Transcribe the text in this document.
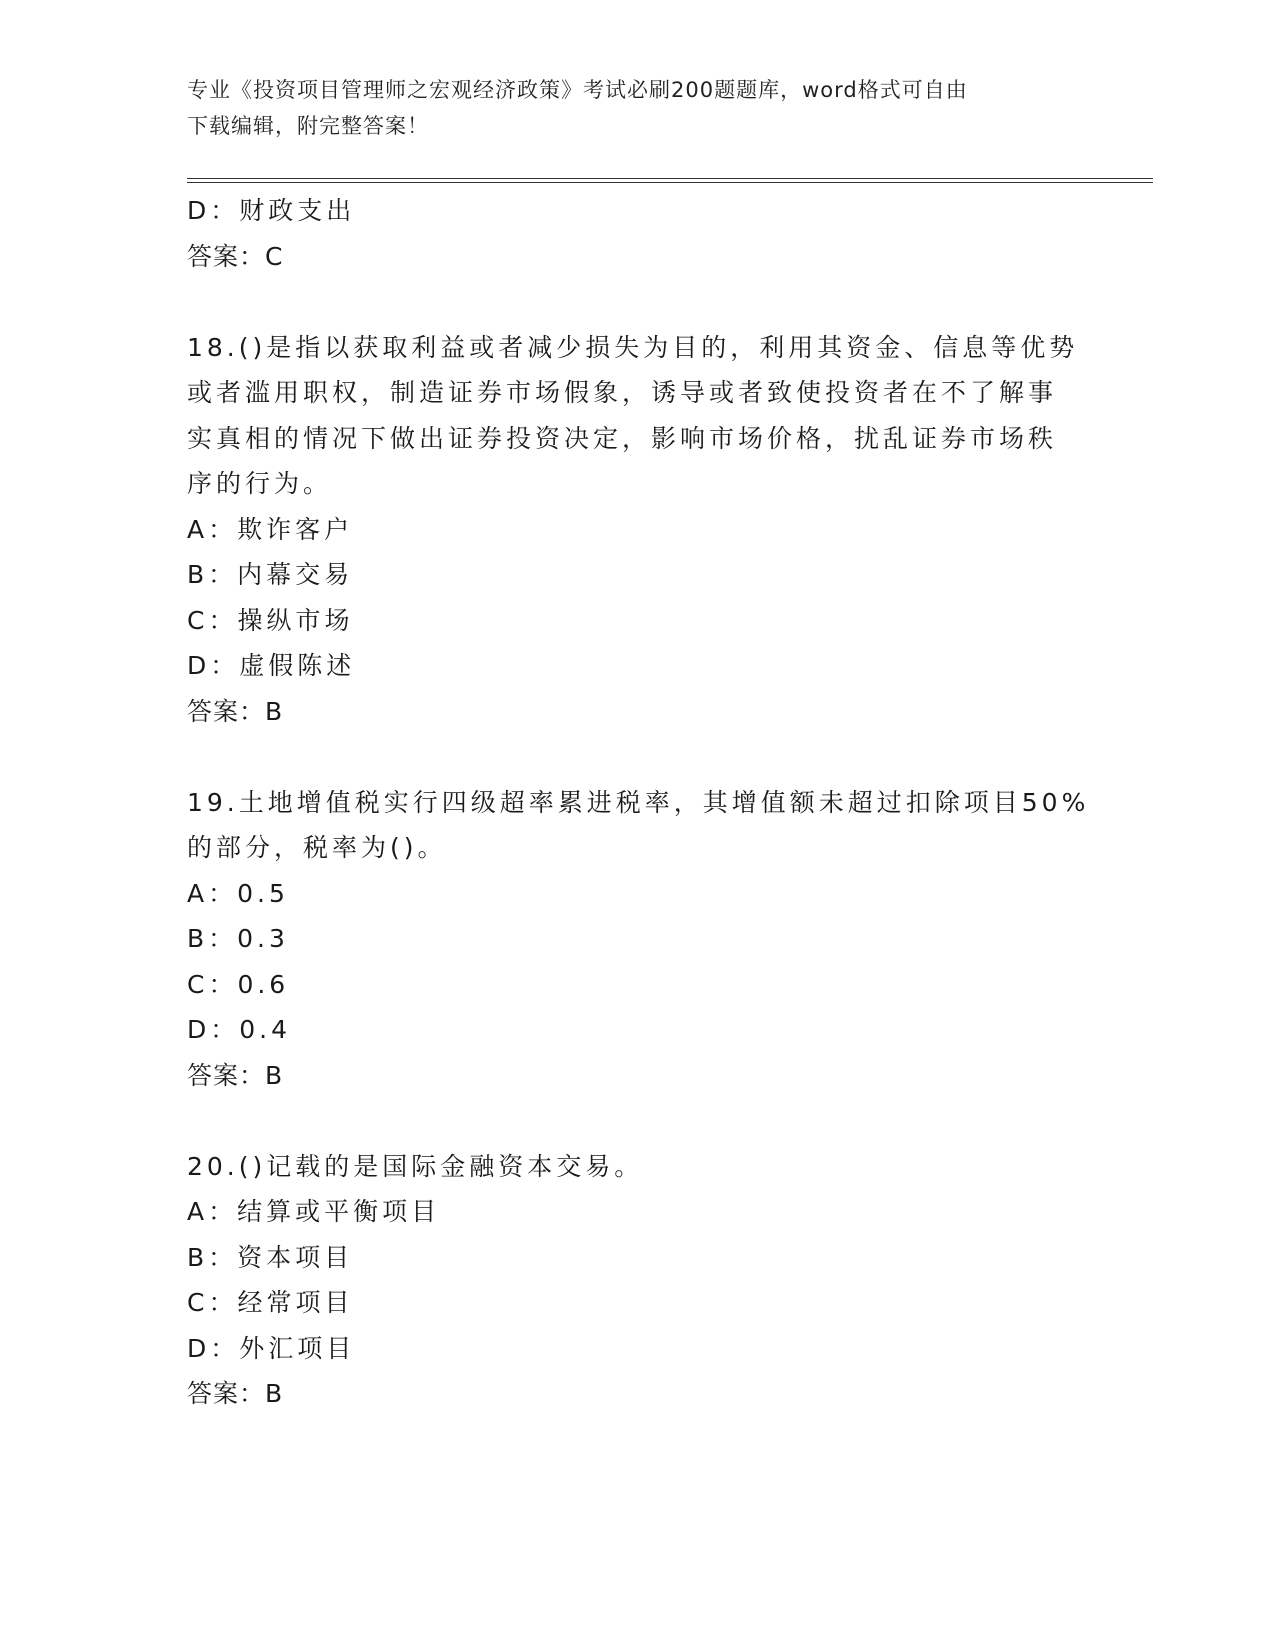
专业《投资项目管理师之宏观经济政策》考试必刷200题题库，word格式可自由
下载编辑，附完整答案！
D：财政支出
答案：C
18.()是指以获取利益或者减少损失为目的，利用其资金、信息等优势
或者滥用职权，制造证券市场假象，诱导或者致使投资者在不了解事
实真相的情况下做出证券投资决定，影响市场价格，扰乱证券市场秩
序的行为。
A：欺诈客户
B：内幕交易
C：操纵市场
D：虚假陈述
答案：B
19.土地增值税实行四级超率累进税率，其增值额未超过扣除项目50%
的部分，税率为()。
A：0.5
B：0.3
C：0.6
D：0.4
答案：B
20.()记载的是国际金融资本交易。
A：结算或平衡项目
B：资本项目
C：经常项目
D：外汇项目
答案：B
